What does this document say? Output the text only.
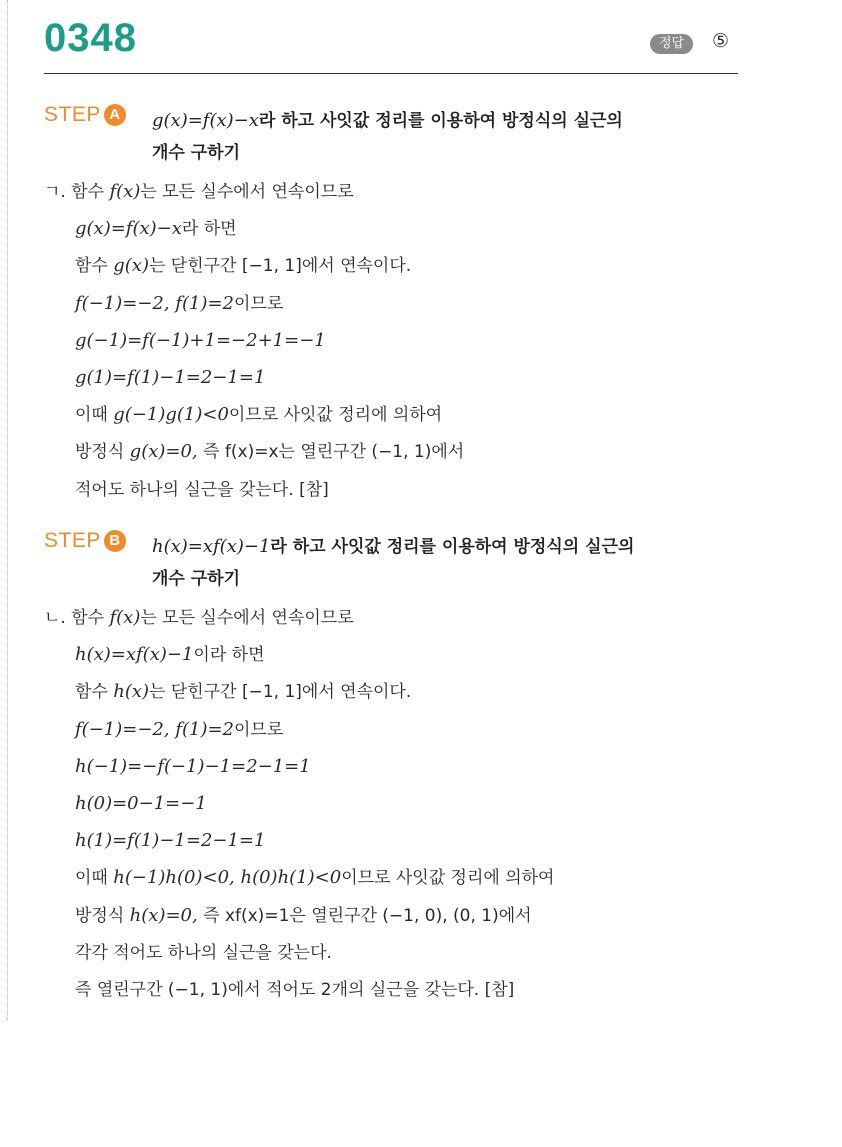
0348	정답	⑤
STEP A g(x)=f(x)−x라 하고 사잇값 정리를 이용하여 방정식의 실근의
개수 구하기
ㄱ. 함수 f(x)는 모든 실수에서 연속이므로
g(x)=f(x)−x라 하면
함수 g(x)는 닫힌구간 [−1, 1]에서 연속이다.
f(−1)=−2, f(1)=2이므로
g(−1)=f(−1)+1=−2+1=−1
g(1)=f(1)−1=2−1=1
이때 g(−1)g(1)<0이므로 사잇값 정리에 의하여
방정식 g(x)=0, 즉 f(x)=x는 열린구간 (−1, 1)에서
적어도 하나의 실근을 갖는다. [참]
STEP B h(x)=xf(x)−1라 하고 사잇값 정리를 이용하여 방정식의 실근의
개수 구하기
ㄴ. 함수 f(x)는 모든 실수에서 연속이므로
h(x)=xf(x)−1이라 하면
함수 h(x)는 닫힌구간 [−1, 1]에서 연속이다.
f(−1)=−2, f(1)=2이므로
h(−1)=−f(−1)−1=2−1=1
h(0)=0−1=−1
h(1)=f(1)−1=2−1=1
이때 h(−1)h(0)<0, h(0)h(1)<0이므로 사잇값 정리에 의하여
방정식 h(x)=0, 즉 xf(x)=1은 열린구간 (−1, 0), (0, 1)에서
각각 적어도 하나의 실근을 갖는다.
즉 열린구간 (−1, 1)에서 적어도 2개의 실근을 갖는다. [참]
